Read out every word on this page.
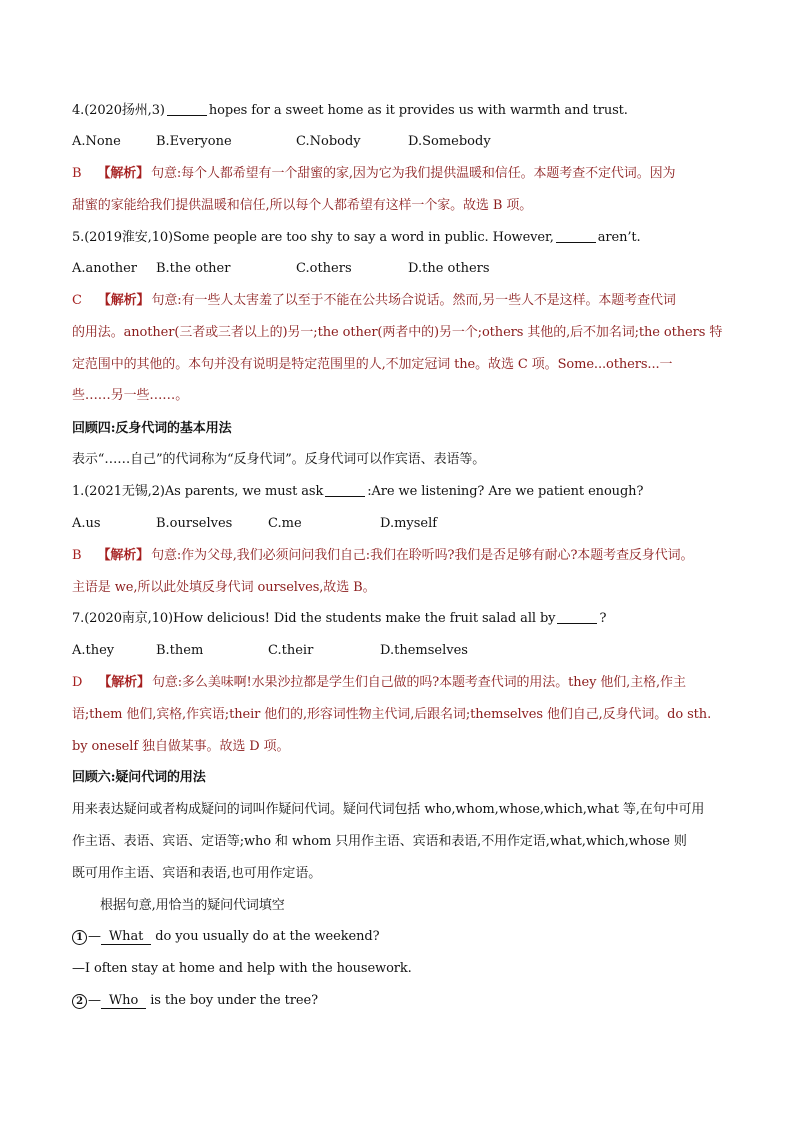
4.(2020扬州,3)	hopes for a sweet home as it provides us with warmth and trust.
A.None	B.Everyone	C.Nobody	D.Somebody
B 【解析】 句意:每个人都希望有一个甜蜜的家,因为它为我们提供温暖和信任。本题考查不定代词。因为
甜蜜的家能给我们提供温暖和信任,所以每个人都希望有这样一个家。故选 B 项。
5.(2019淮安,10)Some people are too shy to say a word in public. However,	aren’t.
A.another B.the other	C.others	D.the others
C 【解析】 句意:有一些人太害羞了以至于不能在公共场合说话。然而,另一些人不是这样。本题考查代词
的用法。another(三者或三者以上的)另一;the other(两者中的)另一个;others 其他的,后不加名词;the others 特
定范围中的其他的。本句并没有说明是特定范围里的人,不加定冠词 the。故选 C 项。Some...others...一
些……另一些……。
回顾四:反身代词的基本用法
表示“……自己”的代词称为“反身代词”。反身代词可以作宾语、表语等。
1.(2021无锡,2)As parents, we must ask	:Are we listening? Are we patient enough?
A.us	B.ourselves	C.me	D.myself
B 【解析】 句意:作为父母,我们必须问问我们自己:我们在聆听吗?我们是否足够有耐心?本题考查反身代词。
主语是 we,所以此处填反身代词 ourselves,故选 B。
7.(2020南京,10)How delicious! Did the students make the fruit salad all by	?
A.they	B.them	C.their	D.themselves
D 【解析】 句意:多么美味啊!水果沙拉都是学生们自己做的吗?本题考查代词的用法。they 他们,主格,作主
语;them 他们,宾格,作宾语;their 他们的,形容词性物主代词,后跟名词;themselves 他们自己,反身代词。do sth.
by oneself 独自做某事。故选 D 项。
回顾六:疑问代词的用法
用来表达疑问或者构成疑问的词叫作疑问代词。疑问代词包括 who,whom,whose,which,what 等,在句中可用
作主语、表语、宾语、定语等;who 和 whom 只用作主语、宾语和表语,不用作定语,what,which,whose 则
既可用作主语、宾语和表语,也可用作定语。
根据句意,用恰当的疑问代词填空
1 — What do you usually do at the weekend?
—I often stay at home and help with the housework.
2 — Who is the boy under the tree?
